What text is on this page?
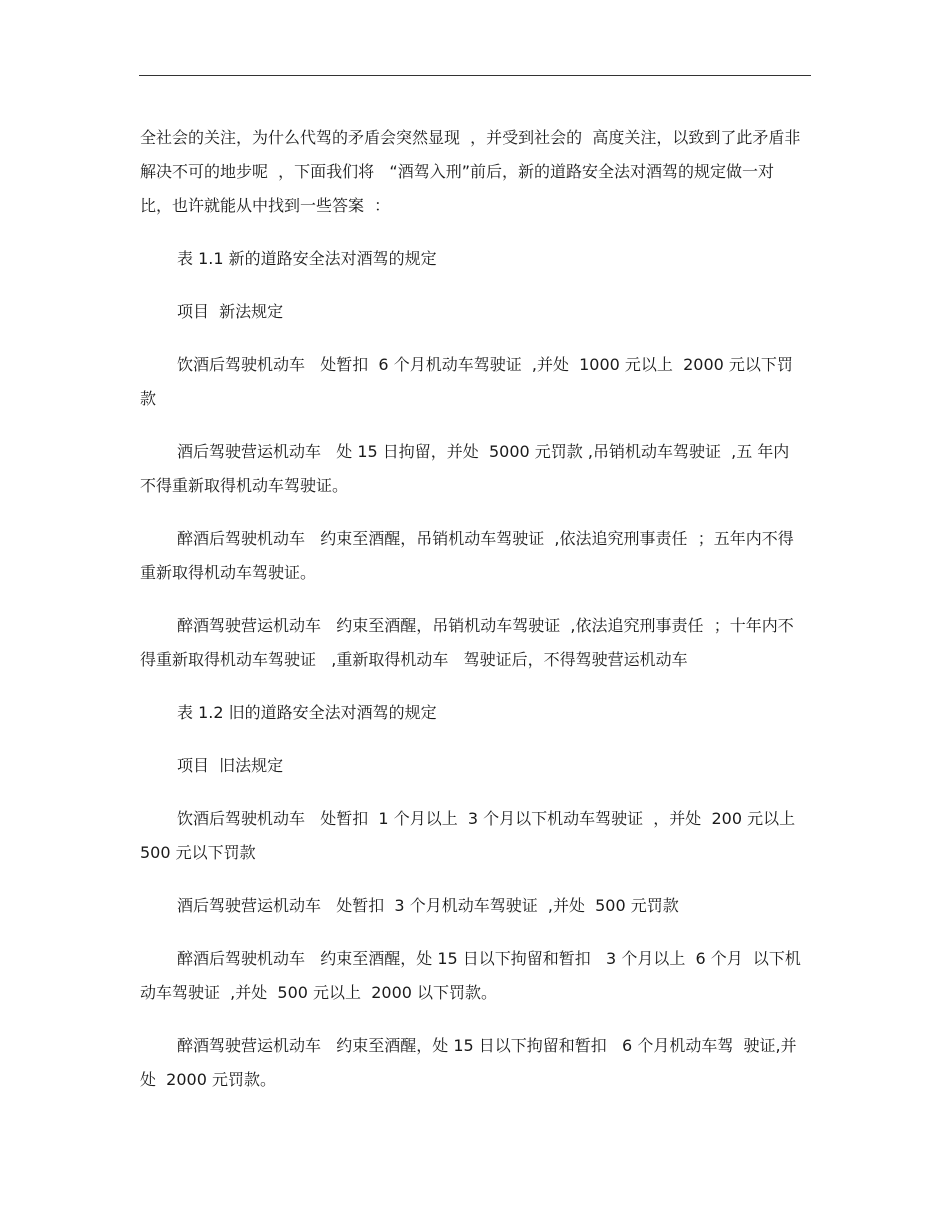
全社会的关注，为什么代驾的矛盾会突然显现  ，并受到社会的  高度关注，以致到了此矛盾非解决不可的地步呢  ，下面我们将   “酒驾入刑”前后，新的道路安全法对酒驾的规定做一对比，也许就能从中找到一些答案  ：

表 1.1 新的道路安全法对酒驾的规定

项目  新法规定

饮酒后驾驶机动车   处暂扣  6 个月机动车驾驶证  ,并处  1000 元以上  2000 元以下罚款

酒后驾驶营运机动车   处 15 日拘留，并处  5000 元罚款 ,吊销机动车驾驶证  ,五 年内不得重新取得机动车驾驶证。

醉酒后驾驶机动车   约束至酒醒，吊销机动车驾驶证  ,依法追究刑事责任  ；五年内不得重新取得机动车驾驶证。

醉酒驾驶营运机动车   约束至酒醒，吊销机动车驾驶证  ,依法追究刑事责任  ；十年内不得重新取得机动车驾驶证   ,重新取得机动车   驾驶证后，不得驾驶营运机动车

表 1.2 旧的道路安全法对酒驾的规定

项目  旧法规定

饮酒后驾驶机动车   处暂扣  1 个月以上  3 个月以下机动车驾驶证  ，并处  200 元以上 500 元以下罚款

酒后驾驶营运机动车   处暂扣  3 个月机动车驾驶证  ,并处  500 元罚款

醉酒后驾驶机动车   约束至酒醒，处 15 日以下拘留和暂扣   3 个月以上  6 个月  以下机动车驾驶证  ,并处  500 元以上  2000 以下罚款。

醉酒驾驶营运机动车   约束至酒醒，处 15 日以下拘留和暂扣   6 个月机动车驾  驶证,并处  2000 元罚款。
